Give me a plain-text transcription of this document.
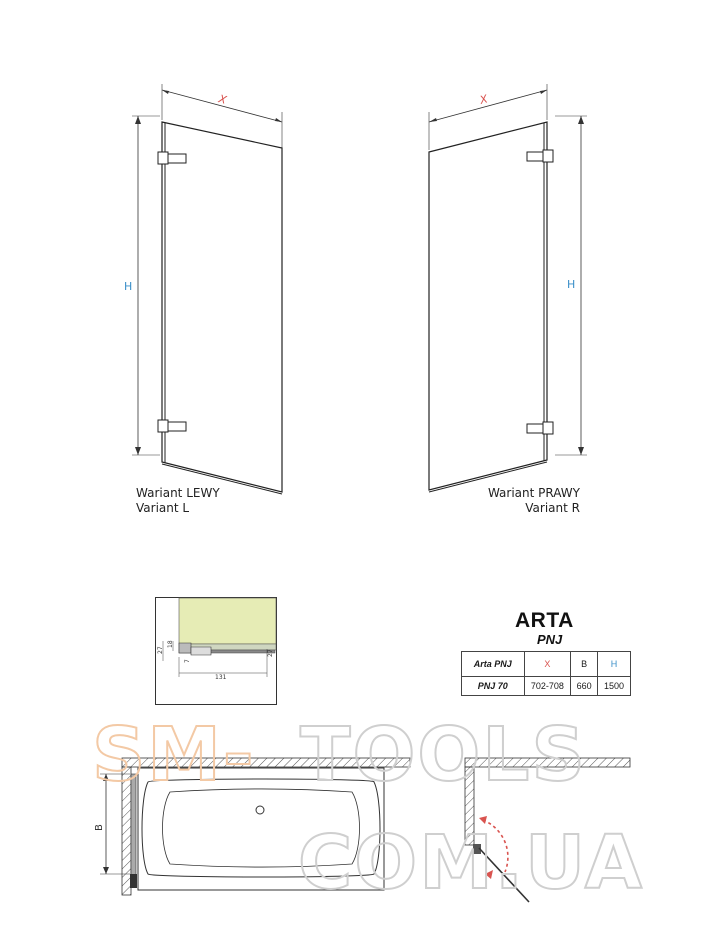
X
H
Wariant LEWY
Variant L
X
H
Wariant PRAWY
Variant R
27
18
7
131
27
ARTA
PNJ
Arta PNJ	X	B	H
PNJ 70	702-708	660	1500
B
SM- TOOLS
COM.UA
